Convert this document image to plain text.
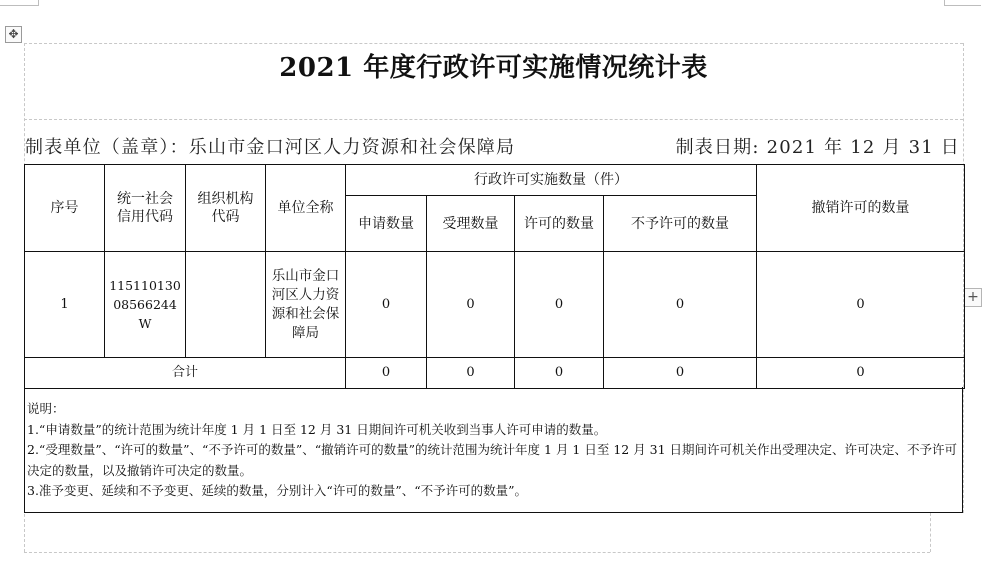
✥
+
2021 年度行政许可实施情况统计表
制表单位（盖章）：乐山市金口河区人力资源和社会保障局	制表日期: 2021 年 12 月 31 日
序号	统一社会信用代码	组织机构代码	单位全称	行政许可实施数量（件）				撤销许可的数量
				申请数量	受理数量	许可的数量	不予许可的数量	
1	11511013008566244W		乐山市金口河区人力资源和社会保障局	0	0	0	0	0
合计				0	0	0	0	0
说明：
1.“申请数量”的统计范围为统计年度 1 月 1 日至 12 月 31 日期间许可机关收到当事人许可申请的数量。
2.“受理数量”、“许可的数量”、“不予许可的数量”、“撤销许可的数量”的统计范围为统计年度 1 月 1 日至 12 月 31 日期间许可机关作出受理决定、许可决定、不予许可决定的数量，以及撤销许可决定的数量。
3.准予变更、延续和不予变更、延续的数量，分别计入“许可的数量”、“不予许可的数量”。
